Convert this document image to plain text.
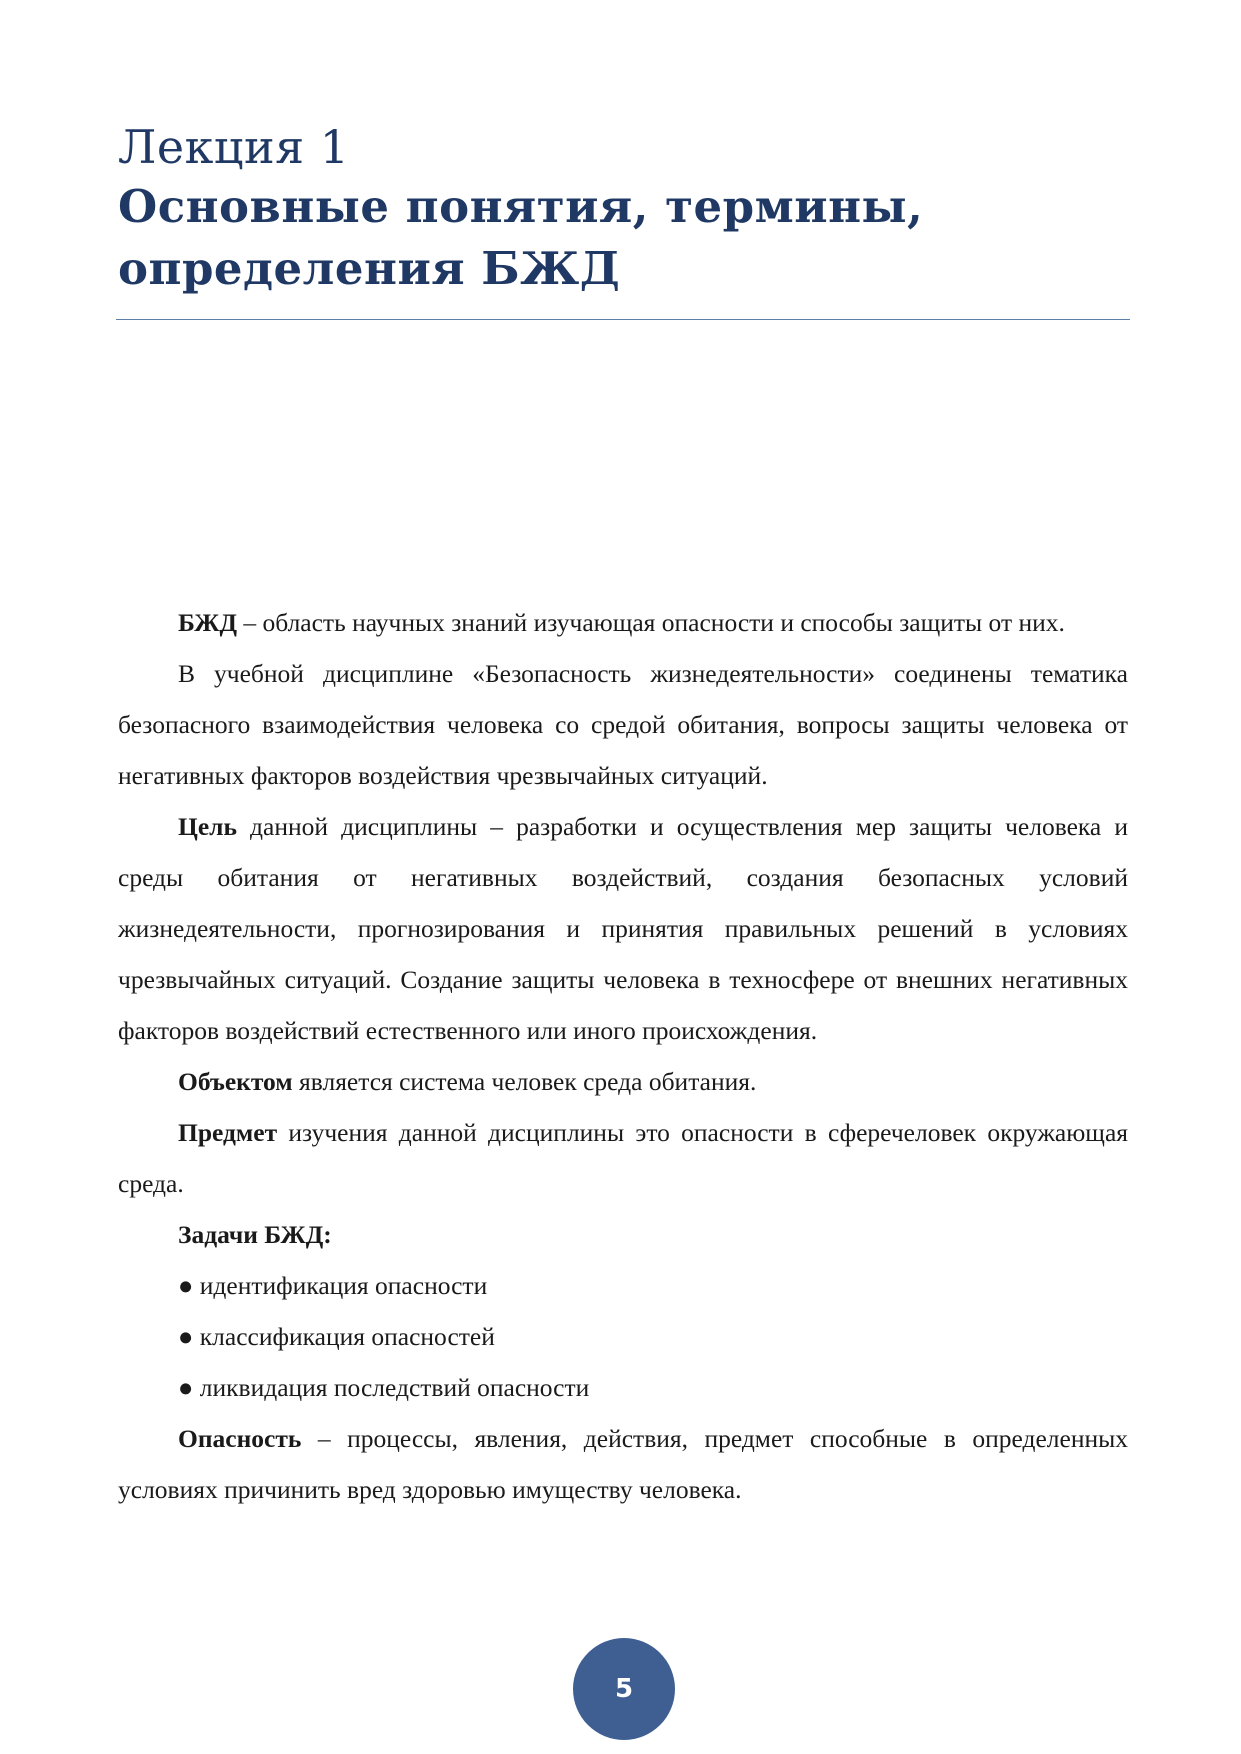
Лекция 1
Основные понятия, термины,
определения БЖД

БЖД – область научных знаний изучающая опасности и способы защиты от них.

В учебной дисциплине «Безопасность жизнедеятельности» соединены тематика безопасного взаимодействия человека со средой обитания, вопросы защиты человека от негативных факторов воздействия чрезвычайных ситуаций.

Цель данной дисциплины – разработки и осуществления мер защиты человека и среды обитания от негативных воздействий, создания безопасных условий жизнедеятельности, прогнозирования и принятия правильных решений в условиях чрезвычайных ситуаций. Создание защиты человека в техносфере от внешних негативных факторов воздействий естественного или иного происхождения.

Объектом является система человек среда обитания.

Предмет изучения данной дисциплины это опасности в сферечеловек окружающая среда.

Задачи БЖД:

● идентификация опасности
● классификация опасностей
● ликвидация последствий опасности

Опасность – процессы, явления, действия, предмет способные в определенных условиях причинить вред здоровью имуществу человека.

5
